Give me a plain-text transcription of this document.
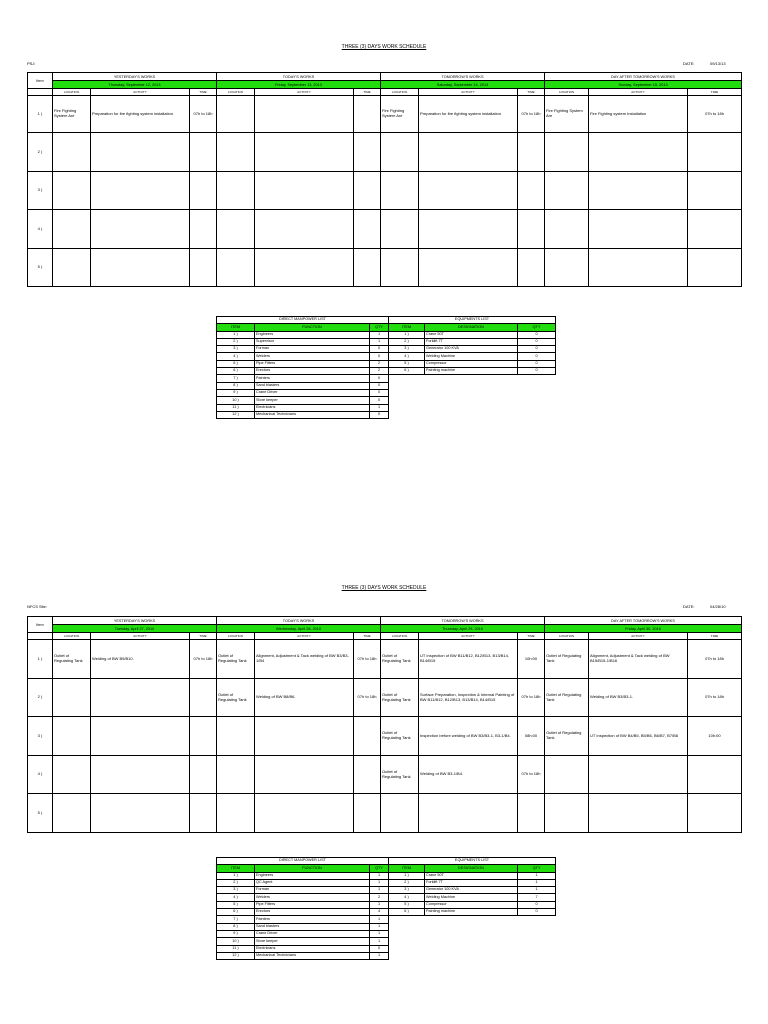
THREE (3) DAYS WORK SCHEDULE
PSJ:	DATE:	09/13/13
Item	YESTERDAY'S WORKS			TODAY'S WORKS			TOMORROW'S WORKS			DAY AFTER TOMORROW'S WORKS		
	Thursday, September 12, 2013			Friday, September 13, 2013			Saturday, September 14, 2013			Sunday, September 15, 2013		
	LOCATION	ACTIVITY	TIME	LOCATION	ACTIVITY	TIME	LOCATION	ACTIVITY	TIME	LOCATION	ACTIVITY	TIME
1 )	Fire Fighting System Are	Preparation for fire fighting system installation	07h to 18h				Fire Fighting System Are	Preparation for fire fighting system installation	07h to 18h	Fire Fighting System Are	Fire Fighting system Installation	07h to 18h
2 )												
3 )												
4 )												
5 )												
DIRECT MANPOWER LIST		
ITEM	FUNCTION	QTY
1 )	Engineers	1
2 )	Supervisor	1
3 )	Forman	0
4 )	Welders	0
5 )	Pipe Fitters	2
6 )	Erectors	2
7 )	Painters	0
8 )	Sand blasters	0
9 )	Crane Driver	0
10 )	Store keeper	0
11 )	Electricians	1
12 )	Mechanical Technicians	0
EQUIPMENTS LIST		
ITEM	DESIGNATION	QTY
1 )	Crane 50T	0
2 )	Forklift 7T	0
3 )	Generator 100 KVA	0
4 )	Welding Machine	0
5 )	Compressor	0
6 )	Painting machine	0
THREE (3) DAYS WORK SCHEDULE
NFCS Site:	DATE:	04/28/10
Item	YESTERDAY'S WORKS			TODAY'S WORKS			TOMORROW'S WORKS			DAY AFTER TOMORROW'S WORKS		
	Tuesday, April 27, 2010			Wednesday, April 28, 2010			Thursday, April 29, 2010			Friday, April 30, 2010		
	LOCATION	ACTIVITY	TIME	LOCATION	ACTIVITY	TIME	LOCATION	ACTIVITY	TIME	LOCATION	ACTIVITY	TIME
1 )	Outlet of Regulating Tank	Welding of BW B9/B10.	07h to 18h	Outlet of Regulating Tank	Alignment, Adjustment & Tack welding of BW B3/B3-1/B4	07h to 18h	Outlet of Regulating Tank	UT Inspection of BW B11/B12, B12/B13, B13/B14, B14/B15	10h:00	Outlet of Regulating Tank	Alignment, Adjustment & Tack welding of BW B15/B15-1/B16	07h to 18h
2 )				Outlet of Regulating Tank	Welding of BW B8/B6.	07h to 18h	Outlet of Regulating Tank	Surface Preparation, Inspection & Internal Painting of BW B11/B12, B12/B13, B13/B14, B14/B15	07h to 18h	Outlet of Regulating Tank	Welding of BW B3/B3-1.	07h to 18h
3 )							Outlet of Regulating Tank	Inspection before welding of BW B3/B3-1, B3-1/B4.	08h:00	Outlet of Regulating Tank	UT Inspection of BW B4/B5, B5/B6, B6/B7, B7/B8	10h:00
4 )							Outlet of Regulating Tank	Welding of BW B3-1/B4.	07h to 18h			
5 )												
DIRECT MANPOWER LIST		
ITEM	FUNCTION	QTY
1 )	Engineers	1
2 )	QC Agent	1
3 )	Forman	1
4 )	Welders	2
5 )	Pipe Fitters	1
6 )	Erectors	4
7 )	Painters	1
8 )	Sand blasters	1
9 )	Crane Driver	1
10 )	Store keeper	1
11 )	Electricians	0
12 )	Mechanical Technicians	1
EQUIPMENTS LIST		
ITEM	DESIGNATION	QTY
1 )	Crane 50T	1
2 )	Forklift 7T	1
3 )	Generator 100 KVA	1
4 )	Welding Machine	7
5 )	Compressor	0
6 )	Painting machine	0
